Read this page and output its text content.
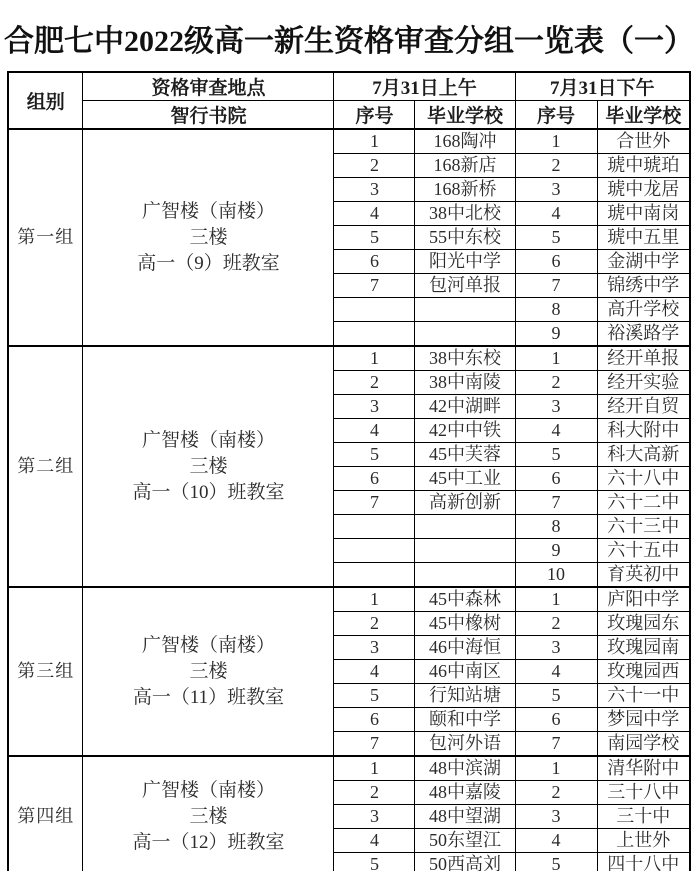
合肥七中2022级高一新生资格审查分组一览表（一）
组别	资格审查地点	7月31日上午		7月31日下午	
	智行书院	序号	毕业学校	序号	毕业学校
第一组	广智楼（南楼）
三楼
高一（9）班教室	1	168陶冲	1	合世外
		2	168新店	2	琥中琥珀
		3	168新桥	3	琥中龙居
		4	38中北校	4	琥中南岗
		5	55中东校	5	琥中五里
		6	阳光中学	6	金湖中学
		7	包河单报	7	锦绣中学
				8	高升学校
				9	裕溪路学
第二组	广智楼（南楼）
三楼
高一（10）班教室	1	38中东校	1	经开单报
		2	38中南陵	2	经开实验
		3	42中湖畔	3	经开自贸
		4	42中中铁	4	科大附中
		5	45中芙蓉	5	科大高新
		6	45中工业	6	六十八中
		7	高新创新	7	六十二中
				8	六十三中
				9	六十五中
				10	育英初中
第三组	广智楼（南楼）
三楼
高一（11）班教室	1	45中森林	1	庐阳中学
		2	45中橡树	2	玫瑰园东
		3	46中海恒	3	玫瑰园南
		4	46中南区	4	玫瑰园西
		5	行知站塘	5	六十一中
		6	颐和中学	6	梦园中学
		7	包河外语	7	南园学校
第四组	广智楼（南楼）
三楼
高一（12）班教室	1	48中滨湖	1	清华附中
		2	48中嘉陵	2	三十八中
		3	48中望湖	3	三十中
		4	50东望江	4	上世外
		5	50西高刘	5	四十八中
